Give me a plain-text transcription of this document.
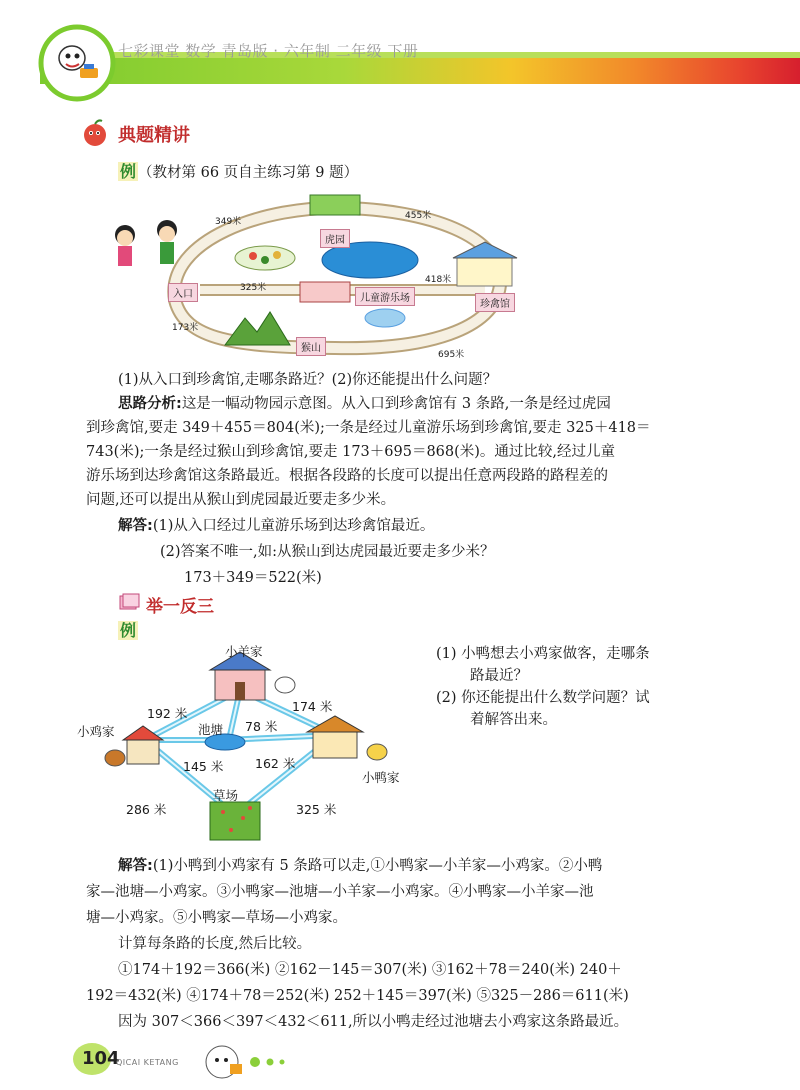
七彩课堂 数学 青岛版 · 六年制 二年级 下册
典题精讲
例 （教材第 66 页自主练习第 9 题）
入口
虎园
儿童游乐场
珍禽馆
猴山
349米
455米
325米
418米
173米
695米
(1)从入口到珍禽馆,走哪条路近？(2)你还能提出什么问题？
思路分析:这是一幅动物园示意图。从入口到珍禽馆有 3 条路,一条是经过虎园
到珍禽馆,要走 349＋455＝804(米);一条是经过儿童游乐场到珍禽馆,要走 325＋418＝
743(米);一条是经过猴山到珍禽馆,要走 173＋695＝868(米)。通过比较,经过儿童
游乐场到达珍禽馆这条路最近。根据各段路的长度可以提出任意两段路的路程差的
问题,还可以提出从猴山到虎园最近要走多少米。
解答:(1)从入口经过儿童游乐场到达珍禽馆最近。
(2)答案不唯一,如:从猴山到达虎园最近要走多少米？
173＋349＝522(米)
举一反三
例
小羊家
小鸡家	池塘
小鸭家
草场
192 米	174 米
78 米
145 米	162 米
286 米	325 米
(1) 小鸭想去小鸡家做客，走哪条
路最近？
(2) 你还能提出什么数学问题？试
着解答出来。
解答:(1)小鸭到小鸡家有 5 条路可以走,①小鸭家—小羊家—小鸡家。②小鸭
家—池塘—小鸡家。③小鸭家—池塘—小羊家—小鸡家。④小鸭家—小羊家—池
塘—小鸡家。⑤小鸭家—草场—小鸡家。
计算每条路的长度,然后比较。
①174＋192＝366(米) ②162－145＝307(米) ③162＋78＝240(米) 240＋
192＝432(米) ④174＋78＝252(米) 252＋145＝397(米) ⑤325－286＝611(米)
因为 307＜366＜397＜432＜611,所以小鸭走经过池塘去小鸡家这条路最近。
104
QICAI KETANG
